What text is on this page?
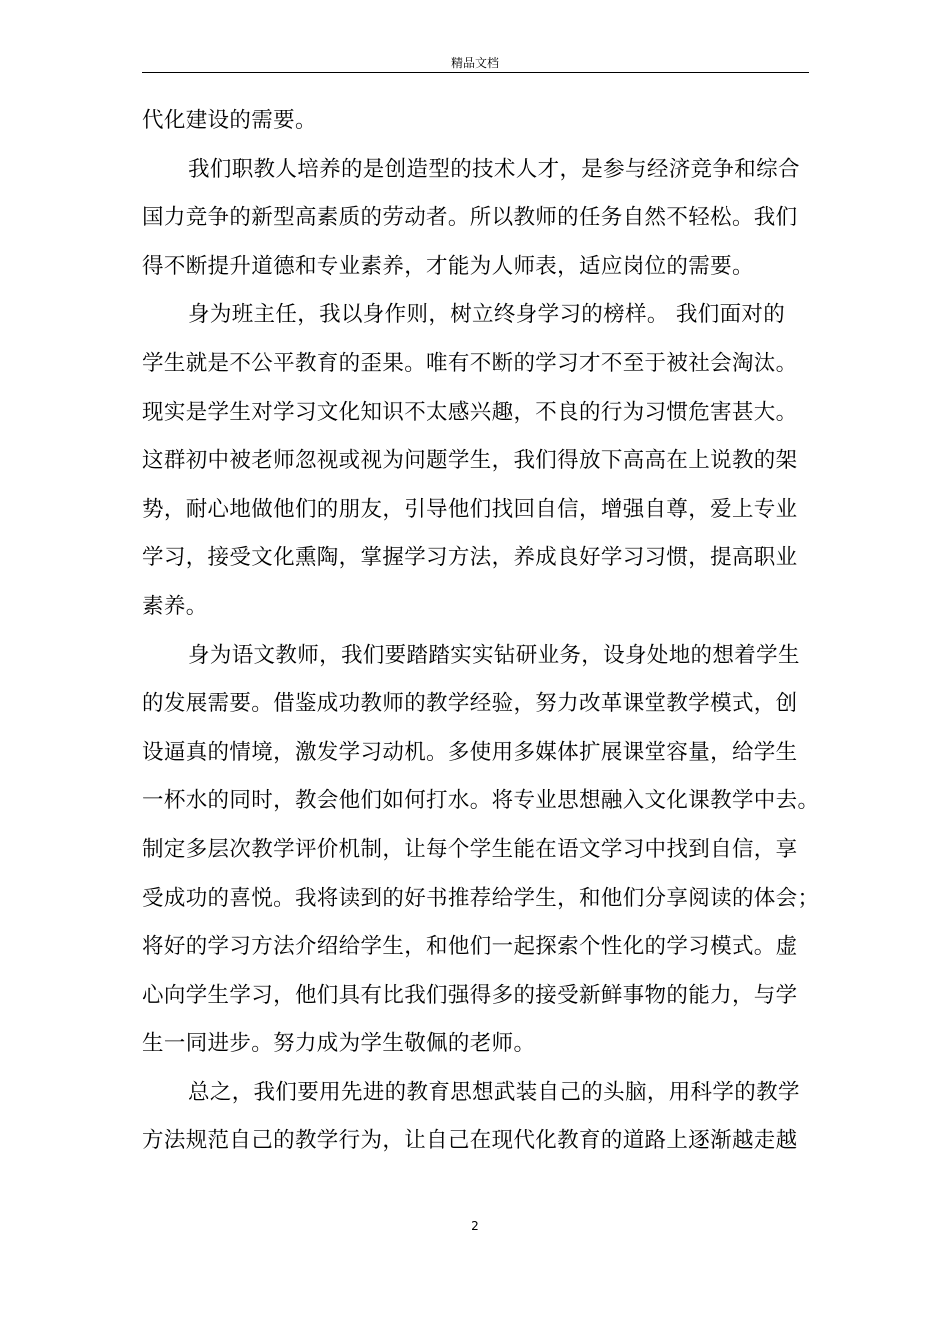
精品文档
代化建设的需要。
我们职教人培养的是创造型的技术人才，是参与经济竞争和综合
国力竞争的新型高素质的劳动者。所以教师的任务自然不轻松。我们
得不断提升道德和专业素养，才能为人师表，适应岗位的需要。
身为班主任，我以身作则，树立终身学习的榜样。 我们面对的
学生就是不公平教育的歪果。唯有不断的学习才不至于被社会淘汰。
现实是学生对学习文化知识不太感兴趣，不良的行为习惯危害甚大。
这群初中被老师忽视或视为问题学生，我们得放下高高在上说教的架
势，耐心地做他们的朋友，引导他们找回自信，增强自尊，爱上专业
学习，接受文化熏陶，掌握学习方法，养成良好学习习惯，提高职业
素养。
身为语文教师，我们要踏踏实实钻研业务，设身处地的想着学生
的发展需要。借鉴成功教师的教学经验，努力改革课堂教学模式，创
设逼真的情境，激发学习动机。多使用多媒体扩展课堂容量，给学生
一杯水的同时，教会他们如何打水。将专业思想融入文化课教学中去。
制定多层次教学评价机制，让每个学生能在语文学习中找到自信，享
受成功的喜悦。我将读到的好书推荐给学生，和他们分享阅读的体会；
将好的学习方法介绍给学生，和他们一起探索个性化的学习模式。虚
心向学生学习，他们具有比我们强得多的接受新鲜事物的能力，与学
生一同进步。努力成为学生敬佩的老师。
总之，我们要用先进的教育思想武装自己的头脑，用科学的教学
方法规范自己的教学行为，让自己在现代化教育的道路上逐渐越走越
2
